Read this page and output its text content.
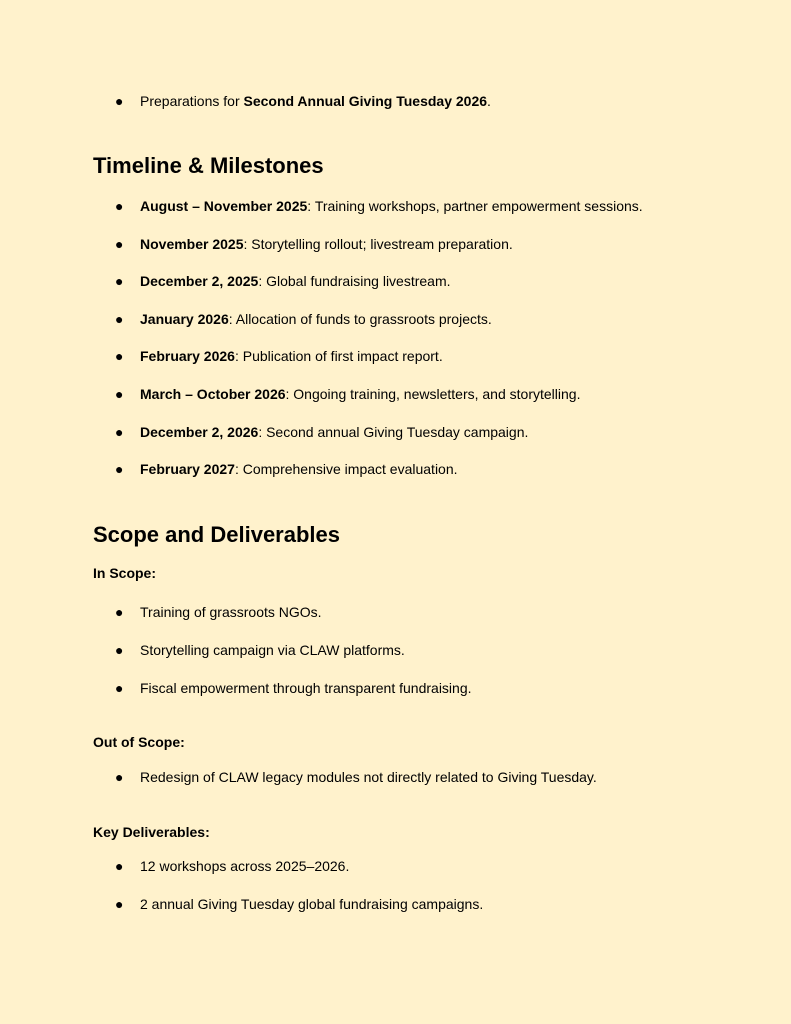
● Preparations for Second Annual Giving Tuesday 2026.
Timeline & Milestones
● August – November 2025: Training workshops, partner empowerment sessions.
● November 2025: Storytelling rollout; livestream preparation.
● December 2, 2025: Global fundraising livestream.
● January 2026: Allocation of funds to grassroots projects.
● February 2026: Publication of first impact report.
● March – October 2026: Ongoing training, newsletters, and storytelling.
● December 2, 2026: Second annual Giving Tuesday campaign.
● February 2027: Comprehensive impact evaluation.
Scope and Deliverables
In Scope:
● Training of grassroots NGOs.
● Storytelling campaign via CLAW platforms.
● Fiscal empowerment through transparent fundraising.
Out of Scope:
● Redesign of CLAW legacy modules not directly related to Giving Tuesday.
Key Deliverables:
● 12 workshops across 2025–2026.
● 2 annual Giving Tuesday global fundraising campaigns.
